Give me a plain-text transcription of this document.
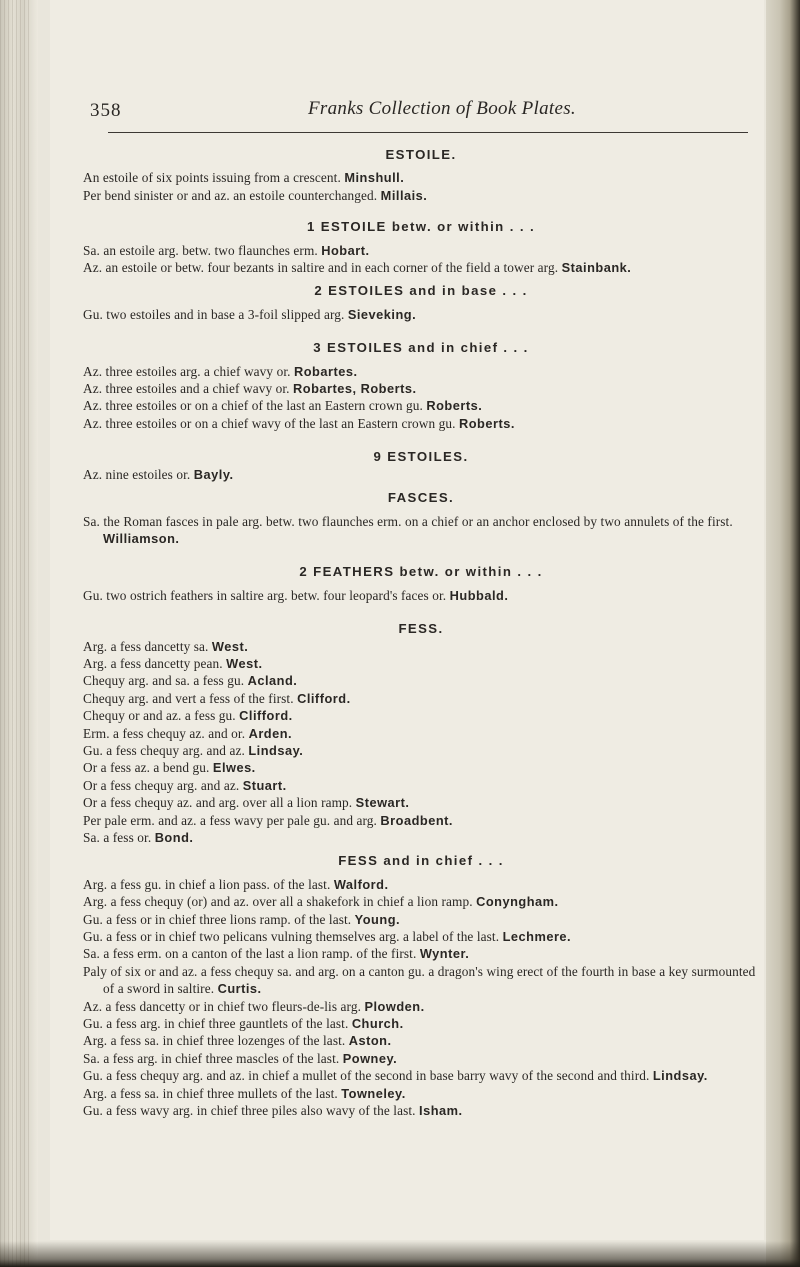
358	Franks Collection of Book Plates.
ESTOILE.
An estoile of six points issuing from a crescent. Minshull.
Per bend sinister or and az. an estoile counterchanged. Millais.
1 ESTOILE betw. or within . . .
Sa. an estoile arg. betw. two flaunches erm. Hobart.
Az. an estoile or betw. four bezants in saltire and in each corner of the field a tower arg. Stainbank.
2 ESTOILES and in base . . .
Gu. two estoiles and in base a 3-foil slipped arg. Sieveking.
3 ESTOILES and in chief . . .
Az. three estoiles arg. a chief wavy or. Robartes.
Az. three estoiles and a chief wavy or. Robartes, Roberts.
Az. three estoiles or on a chief of the last an Eastern crown gu. Roberts.
Az. three estoiles or on a chief wavy of the last an Eastern crown gu. Roberts.
9 ESTOILES.
Az. nine estoiles or. Bayly.
FASCES.
Sa. the Roman fasces in pale arg. betw. two flaunches erm. on a chief or an anchor enclosed by two annulets of the first. Williamson.
2 FEATHERS betw. or within . . .
Gu. two ostrich feathers in saltire arg. betw. four leopard's faces or. Hubbald.
FESS.
Arg. a fess dancetty sa. West.
Arg. a fess dancetty pean. West.
Chequy arg. and sa. a fess gu. Acland.
Chequy arg. and vert a fess of the first. Clifford.
Chequy or and az. a fess gu. Clifford.
Erm. a fess chequy az. and or. Arden.
Gu. a fess chequy arg. and az. Lindsay.
Or a fess az. a bend gu. Elwes.
Or a fess chequy arg. and az. Stuart.
Or a fess chequy az. and arg. over all a lion ramp. Stewart.
Per pale erm. and az. a fess wavy per pale gu. and arg. Broadbent.
Sa. a fess or. Bond.
FESS and in chief . . .
Arg. a fess gu. in chief a lion pass. of the last. Walford.
Arg. a fess chequy (or) and az. over all a shakefork in chief a lion ramp. Conyngham.
Gu. a fess or in chief three lions ramp. of the last. Young.
Gu. a fess or in chief two pelicans vulning themselves arg. a label of the last. Lechmere.
Sa. a fess erm. on a canton of the last a lion ramp. of the first. Wynter.
Paly of six or and az. a fess chequy sa. and arg. on a canton gu. a dragon's wing erect of the fourth in base a key surmounted of a sword in saltire. Curtis.
Az. a fess dancetty or in chief two fleurs-de-lis arg. Plowden.
Gu. a fess arg. in chief three gauntlets of the last. Church.
Arg. a fess sa. in chief three lozenges of the last. Aston.
Sa. a fess arg. in chief three mascles of the last. Powney.
Gu. a fess chequy arg. and az. in chief a mullet of the second in base barry wavy of the second and third. Lindsay.
Arg. a fess sa. in chief three mullets of the last. Towneley.
Gu. a fess wavy arg. in chief three piles also wavy of the last. Isham.
